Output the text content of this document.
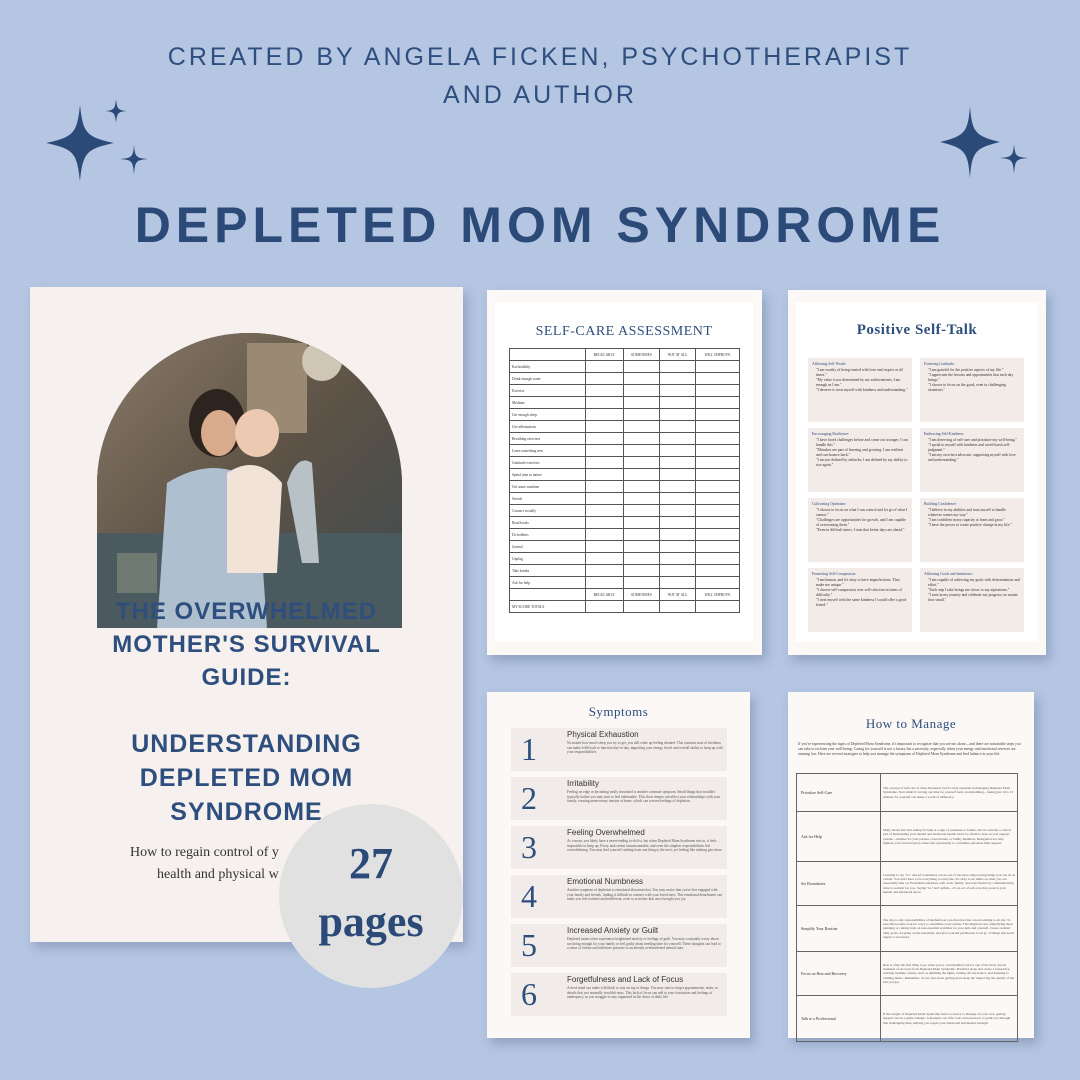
CREATED BY ANGELA FICKEN, PSYCHOTHERAPIST
AND AUTHOR
DEPLETED MOM SYNDROME
THE OVERWHELMED
MOTHER'S SURVIVAL
GUIDE:
UNDERSTANDING
DEPLETED MOM
SYNDROME
How to regain control of y
health and physical w
SELF-CARE ASSESSMENT
	REGULARLY	SOMETIMES	NOT AT ALL	WILL IMPROVE
Eat healthily				
Drink enough water				
Exercise				
Meditate				
Get enough sleep				
Use affirmations				
Breathing exercises				
Learn something new				
Gratitude exercises				
Spend time in nature				
Get some sunshine				
Stretch				
Connect socially				
Read books				
Do hobbies				
Journal				
Unplug				
Take breaks				
Ask for help				
	REGULARLY	SOMETIMES	NOT AT ALL	WILL IMPROVE
MY SCORE TOTALS				
Positive Self-Talk
Affirming Self-Worth:
"I am worthy of being treated with love and respect at all times."
"My value is not determined by my achievements; I am enough as I am."
"I deserve to treat myself with kindness and understanding."
Fostering Gratitude:
"I am grateful for the positive aspects of my life."
"I appreciate the lessons and opportunities that each day brings."
"I choose to focus on the good, even in challenging situations."
Encouraging Resilience:
"I have faced challenges before and come out stronger. I can handle this."
"Mistakes are part of learning and growing. I am resilient and can bounce back."
"I am not defined by setbacks; I am defined by my ability to rise again."
Embracing Self-Kindness:
"I am deserving of self-care and prioritize my well-being."
"I speak to myself with kindness and avoid harsh self-judgment."
"I am my own best advocate, supporting myself with love and understanding."
Cultivating Optimism:
"I choose to focus on what I can control and let go of what I cannot."
"Challenges are opportunities for growth, and I am capable of overcoming them."
"Even in difficult times, I trust that better days are ahead."
Building Confidence:
"I believe in my abilities and trust myself to handle whatever comes my way."
"I am confident in my capacity to learn and grow."
"I have the power to create positive change in my life."
Promoting Self-Compassion:
"I am human, and it's okay to have imperfections. They make me unique."
"I choose self-compassion over self-criticism in times of difficulty."
"I treat myself with the same kindness I would offer a good friend."
Affirming Goals and Intentions:
"I am capable of achieving my goals with determination and effort."
"Each step I take brings me closer to my aspirations."
"I trust in my journey and celebrate my progress, no matter how small."
Symptoms
1	Physical Exhaustion
No matter how much sleep you try to get, you still wake up feeling drained. This constant state of tiredness can make it difficult to function day-to-day, impacting your energy levels and overall ability to keep up with your responsibilities.
2	Irritability
Feeling on edge or becoming easily frustrated is another common symptom. Small things that wouldn't typically bother you may start to feel unbearable. This short temper can affect your relationships with your family, creating unnecessary tension at home, which can worsen feelings of depletion.
3	Feeling Overwhelmed
As a mom, you likely have a never-ending to-do list, but when Depleted Mom Syndrome sets in, it feels impossible to keep up. Every task seems insurmountable, and even the simplest responsibilities feel overwhelming. You may find yourself rushing from one thing to the next, yet feeling like nothing gets done.
4	Emotional Numbness
Another symptom of depletion is emotional disconnection. You may notice that you're less engaged with your family and friends, finding it difficult to connect with your loved ones. This emotional detachment can make you feel isolated and indifferent, even to activities that once brought you joy.
5	Increased Anxiety or Guilt
Depleted moms often experience heightened anxiety or feelings of guilt. You may constantly worry about not doing enough for your family or feel guilty about needing time for yourself. These thoughts can lead to a sense of failure and add more pressure to an already overburdened mental state.
6	Forgetfulness and Lack of Focus
A tired mind can make it difficult to stay on top of things. You may start to forget appointments, tasks, or details that you normally wouldn't miss. This lack of focus can add to your frustration and feelings of inadequacy, as you struggle to stay organized in the chaos of daily life.
How to Manage
If you're experiencing the signs of Depleted Mom Syndrome, it's important to recognize that you are not alone—and there are actionable steps you can take to reclaim your well-being. Caring for yourself is not a luxury but a necessity, especially when your energy and emotional reserves are running low. Here are several strategies to help you manage the symptoms of Depleted Mom Syndrome and find balance in your life.
Prioritize Self-Care	The concept of self-care is often discussed, but it's truly essential in managing Depleted Mom Syndrome. Start small if carving out time for yourself feels overwhelming—taking just 10 to 15 minutes for yourself can make a world of difference.
Ask for Help	Many moms feel that asking for help is a sign of weakness or failure, but it's actually a critical part of maintaining your mental and emotional health. Don't be afraid to lean on your support system—whether it's your partner, close friends, or family members. Delegation not only lightens your load but gives others the opportunity to contribute and share their support.
Set Boundaries	Learning to say "no" and set boundaries can be one of the most empowering things you can do as a mom. You don't have to be everything to everyone. It's okay to set limits on what you can reasonably take on. Establish boundaries with work, family, and even friends by communicating what is realistic for you. Saying "no" isn't selfish—it's an act of self-care that protects your mental and emotional space.
Simplify Your Routine	The day-to-day responsibilities of motherhood can often feel like a never-ending to-do list. To ease this burden, look for ways to streamline your routine. This might involve simplifying meal planning or cutting back on non-essential activities for your kids and yourself. Create realistic daily goals, focusing on the essentials, and give yourself permission to let go of things that aren't urgent or necessary.
Focus on Rest and Recovery	Rest is often the first thing to go when you're overwhelmed, but it's one of the most crucial elements of recovery from Depleted Mom Syndrome. Prioritize sleep and create a restorative, relaxing bedtime routine, such as dimming the lights, turning off electronics, and listening to calming music. Remember, it's not just about getting more sleep but improving the quality of the rest you get.
Talk to a Professional	If the weight of Depleted Mom Syndrome feels too heavy to manage on your own, getting support can be a game-changer. A therapist can offer tools and resources to guide you through this challenging time, helping you regain your emotional and mental strength.
27
pages
